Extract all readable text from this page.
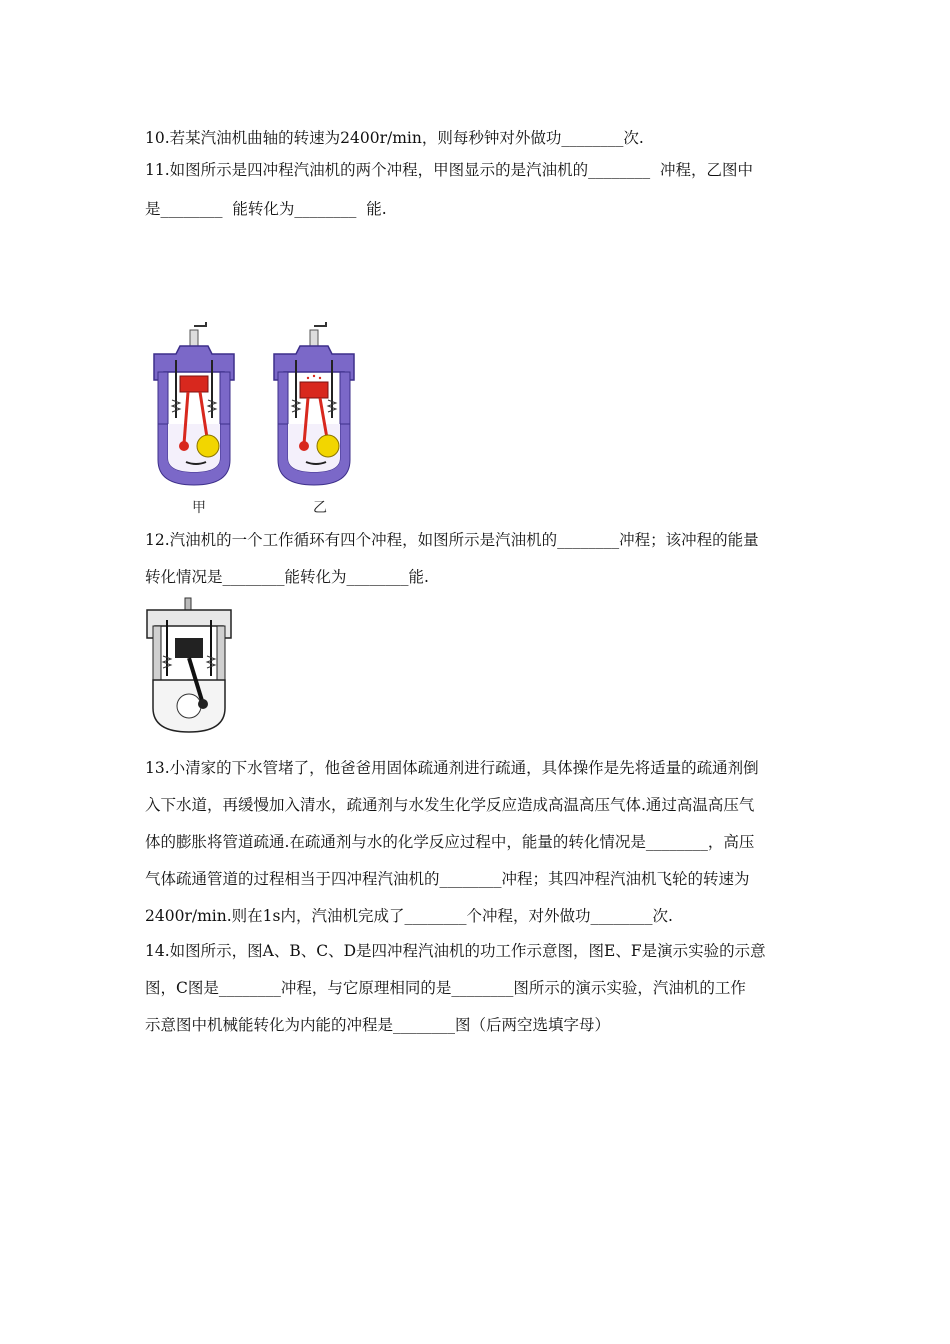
10.若某汽油机曲轴的转速为2400r/min，则每秒钟对外做功________次.
11.如图所示是四冲程汽油机的两个冲程，甲图显示的是汽油机的________  冲程，乙图中
是________  能转化为________  能.
甲	乙
12.汽油机的一个工作循环有四个冲程，如图所示是汽油机的________冲程；该冲程的能量
转化情况是________能转化为________能.
13.小清家的下水管堵了，他爸爸用固体疏通剂进行疏通，具体操作是先将适量的疏通剂倒
入下水道，再缓慢加入清水，疏通剂与水发生化学反应造成高温高压气体.通过高温高压气
体的膨胀将管道疏通.在疏通剂与水的化学反应过程中，能量的转化情况是________，高压
气体疏通管道的过程相当于四冲程汽油机的________冲程；其四冲程汽油机飞轮的转速为
2400r/min.则在1s内，汽油机完成了________个冲程，对外做功________次.
14.如图所示，图A、B、C、D是四冲程汽油机的功工作示意图，图E、F是演示实验的示意
图，C图是________冲程，与它原理相同的是________图所示的演示实验，汽油机的工作
示意图中机械能转化为内能的冲程是________图（后两空选填字母）
